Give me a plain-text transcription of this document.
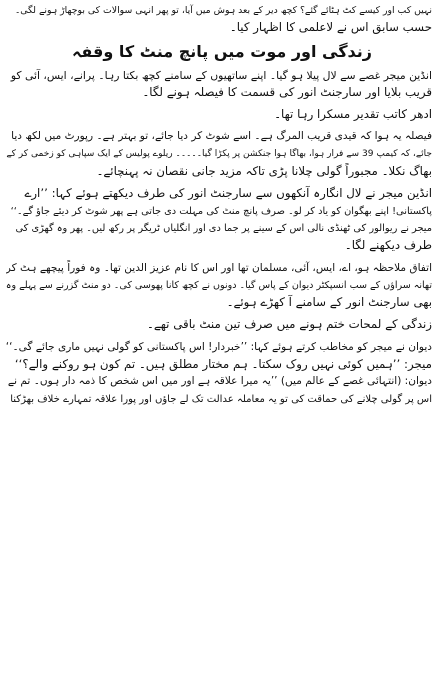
نہیں کب اور کیسے کٹ ہٹائے گئے؟ کچھ دیر کے بعد ہوش میں آیا، تو پھر انہی سوالات کی بوچھاڑ ہونے لگی۔
حسب سابق اس نے لاعلمی کا اظہار کیا۔
زندگی اور موت میں پانچ منٹ کا وقفہ
انڈین میجر غصے سے لال پیلا ہو گیا۔ اپنے ساتھیوں کے سامنے کچھ بکتا رہا۔ پرانے، ایس، آئی کو
قریب بلایا اور سارجنٹ انور کی قسمت کا فیصلہ ہونے لگا۔
ادھر کاتب تقدیر مسکرا رہا تھا۔
فیصلہ یہ ہوا کہ قیدی قریب المرگ ہے۔ اسے شوٹ کر دیا جائے، تو بہتر ہے۔ رپورٹ میں لکھ دیا
جائے، کہ کیمپ 39 سے فرار ہوا، بھاگا ہوا جنکشن پر پکڑا گیا۔۔۔۔۔ ریلوے پولیس کے ایک سپاہی کو زخمی کر کے
بھاگ نکلا۔ مجبوراً گولی چلانا پڑی تاکہ مزید جانی نقصان نہ پہنچائے۔
انڈین میجر نے لال انگارہ آنکھوں سے سارجنٹ انور کی طرف دیکھتے ہوئے کہا: ’’ارے
پاکستانی! اپنے بھگوان کو یاد کر لو۔ صرف پانچ منٹ کی مہلت دی جاتی ہے پھر شوٹ کر دیئے جاؤ گے۔‘‘
میجر نے ریوالور کی ٹھنڈی نالی اس کے سینے پر جما دی اور انگلیاں ٹریگر پر رکھ لیں۔ پھر وہ گھڑی کی
طرف دیکھنے لگا۔
اتفاق ملاحظہ ہو، اے، ایس، آئی، مسلمان تھا اور اس کا نام عزیز الدین تھا۔ وہ فوراً پیچھے ہٹ کر
تھانہ سراؤں کے سب انسپکٹر دیوان کے پاس گیا۔ دونوں نے کچھ کانا پھوسی کی۔ دو منٹ گزرنے سے پہلے وہ
بھی سارجنٹ انور کے سامنے آ کھڑے ہوئے۔
زندگی کے لمحات ختم ہونے میں صرف تین منٹ باقی تھے۔
دیوان نے میجر کو مخاطب کرتے ہوئے کہا: ’’خبردار! اس پاکستانی کو گولی نہیں ماری جائے گی۔‘‘
میجر: ’’ہمیں کوئی نہیں روک سکتا۔ ہم مختار مطلق ہیں۔ تم کون ہو روکنے والے؟‘‘
دیوان: (انتہائی غصے کے عالم میں) ’’یہ میرا علاقہ ہے اور میں اس شخص کا ذمہ دار ہوں۔ تم نے
اس پر گولی چلانے کی حماقت کی تو یہ معاملہ عدالت تک لے جاؤں اور پورا علاقہ تمہارے خلاف بھڑکنا
